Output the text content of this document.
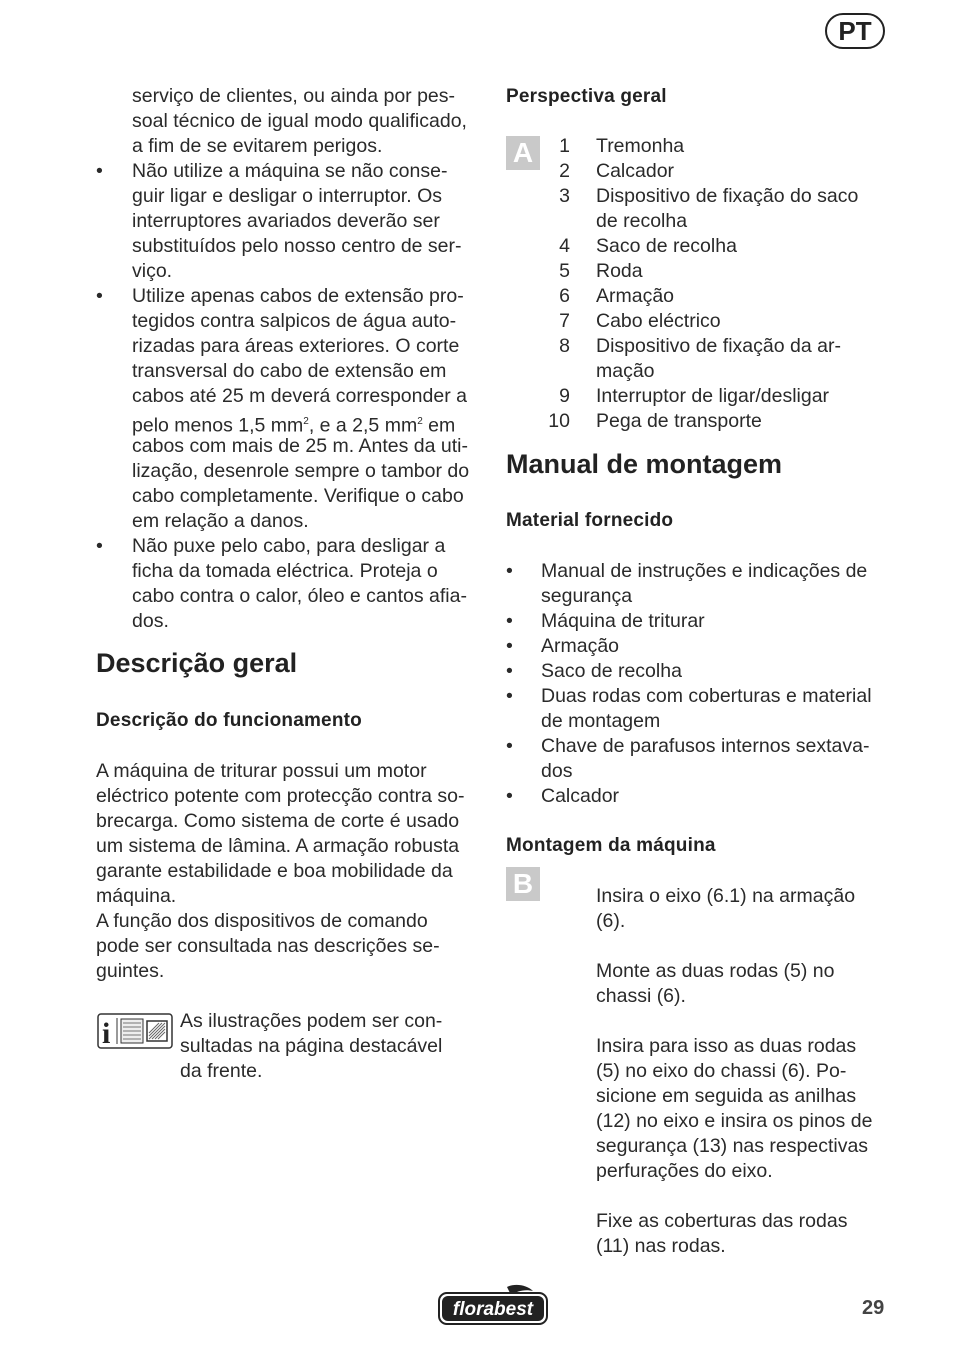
PT
serviço de clientes, ou ainda por pes-
soal técnico de igual modo qualificado,
a fim de se evitarem perigos.
• Não utilize a máquina se não conse-
guir ligar e desligar o interruptor. Os
interruptores avariados deverão ser
substituídos pelo nosso centro de ser-
viço.
• Utilize apenas cabos de extensão pro-
tegidos contra salpicos de água auto-
rizadas para áreas exteriores. O corte
transversal do cabo de extensão em
cabos até 25 m deverá corresponder a
pelo menos 1,5 $mm^2$, e a 2,5 $mm^2$ em
cabos com mais de 25 m. Antes da uti-
lização, desenrole sempre o tambor do
cabo completamente. Verifique o cabo
em relação a danos.
• Não puxe pelo cabo, para desligar a
ficha da tomada eléctrica. Proteja o
cabo contra o calor, óleo e cantos afia-
dos.
Descrição geral
Descrição do funcionamento
A máquina de triturar possui um motor
eléctrico potente com protecção contra so-
brecarga. Como sistema de corte é usado
um sistema de lâmina. A armação robusta
garante estabilidade e boa mobilidade da
máquina.
A função dos dispositivos de comando
pode ser consultada nas descrições se-
guintes.
As ilustrações podem ser con-
sultadas na página destacável
da frente.
i
Perspectiva geral
A	1 Tremonha
2 Calcador
3 Dispositivo de fixação do saco
de recolha
4 Saco de recolha
5 Roda
6 Armação
7 Cabo eléctrico
8 Dispositivo de fixação da ar-
mação
9 Interruptor de ligar/desligar
10 Pega de transporte
Manual de montagem
Material fornecido
• Manual de instruções e indicações de
segurança
• Máquina de triturar
• Armação
• Saco de recolha
• Duas rodas com coberturas e material
de montagem
• Chave de parafusos internos sextava-
dos
• Calcador
Montagem da máquina
B	Insira o eixo (6.1) na armação
(6).
Monte as duas rodas (5) no
chassi (6).
Insira para isso as duas rodas
(5) no eixo do chassi (6). Po-
sicione em seguida as anilhas
(12) no eixo e insira os pinos de
segurança (13) nas respectivas
perfurações do eixo.
Fixe as coberturas das rodas
(11) nas rodas.
florabest	29
